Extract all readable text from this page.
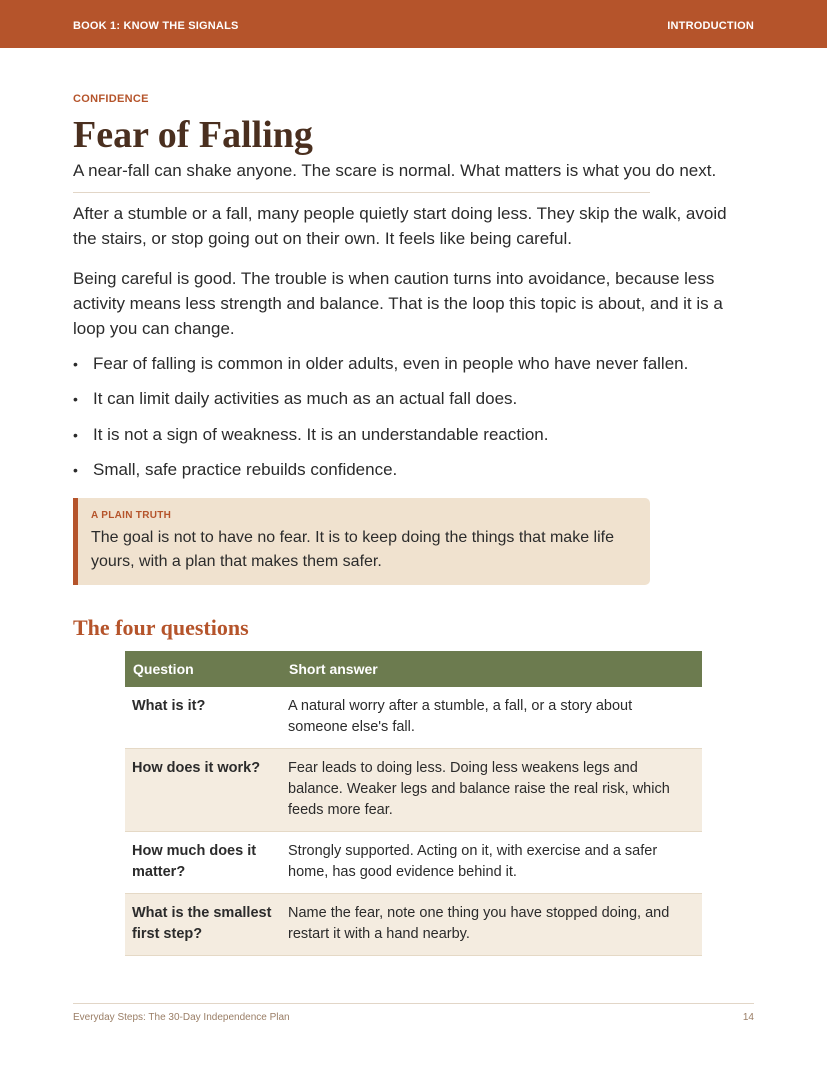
BOOK 1: KNOW THE SIGNALS	INTRODUCTION
CONFIDENCE
Fear of Falling
A near-fall can shake anyone. The scare is normal. What matters is what you do next.

After a stumble or a fall, many people quietly start doing less. They skip the walk, avoid the stairs, or stop going out on their own. It feels like being careful.

Being careful is good. The trouble is when caution turns into avoidance, because less activity means less strength and balance. That is the loop this topic is about, and it is a loop you can change.

• Fear of falling is common in older adults, even in people who have never fallen.
• It can limit daily activities as much as an actual fall does.
• It is not a sign of weakness. It is an understandable reaction.
• Small, safe practice rebuilds confidence.
A PLAIN TRUTH
The goal is not to have no fear. It is to keep doing the things that make life yours, with a plan that makes them safer.
The four questions
Question	Short answer
What is it?	A natural worry after a stumble, a fall, or a story about someone else's fall.
How does it work?	Fear leads to doing less. Doing less weakens legs and balance. Weaker legs and balance raise the real risk, which feeds more fear.
How much does it matter?	Strongly supported. Acting on it, with exercise and a safer home, has good evidence behind it.
What is the smallest first step?	Name the fear, note one thing you have stopped doing, and restart it with a hand nearby.
Everyday Steps: The 30-Day Independence Plan	14
